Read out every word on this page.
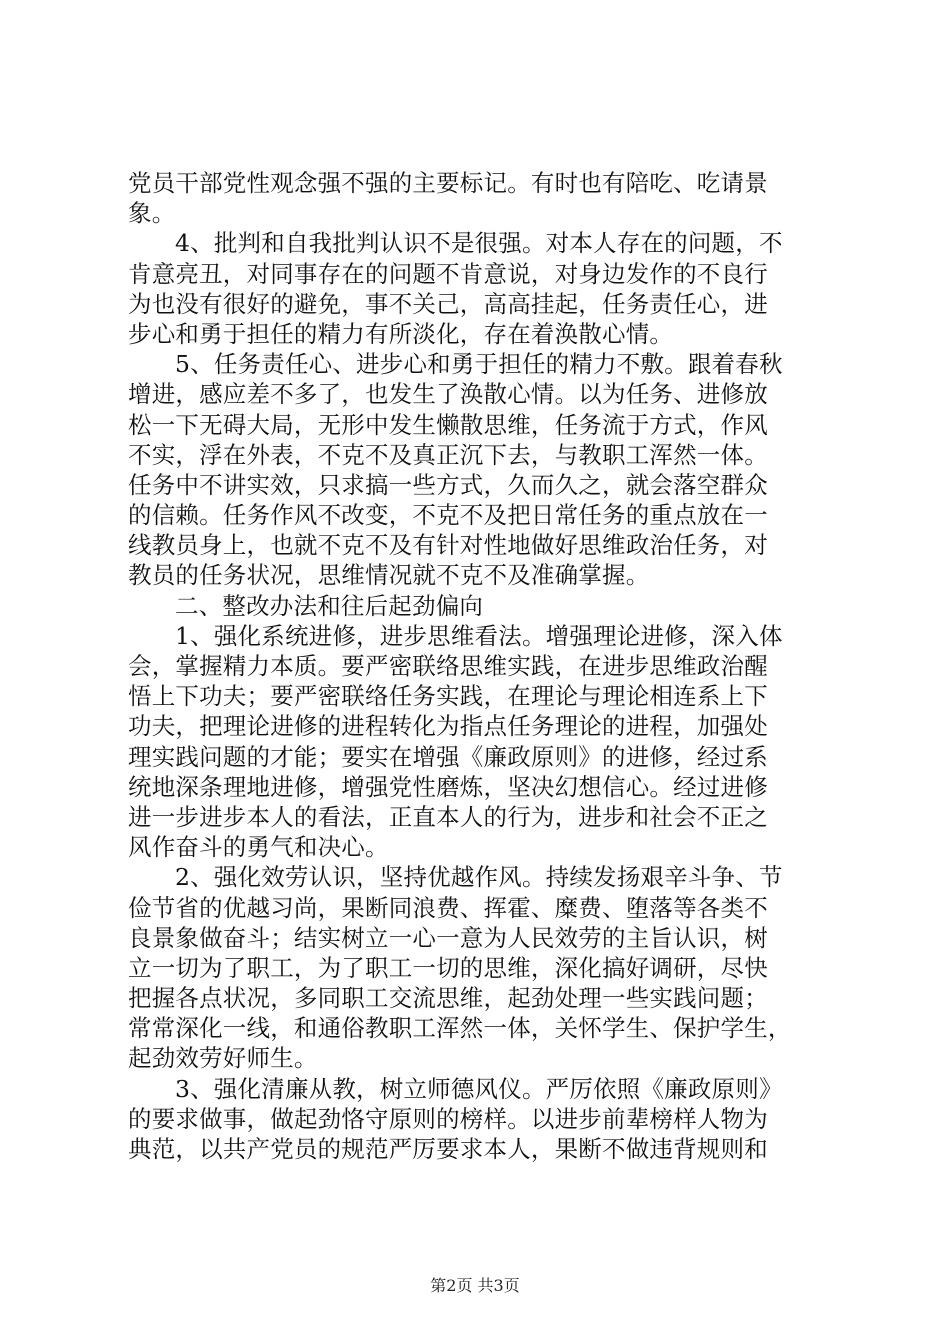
党员干部党性观念强不强的主要标记。有时也有陪吃、吃请景
象。
4、批判和自我批判认识不是很强。对本人存在的问题，不
肯意亮丑，对同事存在的问题不肯意说，对身边发作的不良行
为也没有很好的避免，事不关己，高高挂起，任务责任心，进
步心和勇于担任的精力有所淡化，存在着涣散心情。
5、任务责任心、进步心和勇于担任的精力不敷。跟着春秋
增进，感应差不多了，也发生了涣散心情。以为任务、进修放
松一下无碍大局，无形中发生懒散思维，任务流于方式，作风
不实，浮在外表，不克不及真正沉下去，与教职工浑然一体。
任务中不讲实效，只求搞一些方式，久而久之，就会落空群众
的信赖。任务作风不改变，不克不及把日常任务的重点放在一
线教员身上，也就不克不及有针对性地做好思维政治任务，对
教员的任务状况，思维情况就不克不及准确掌握。
二、整改办法和往后起劲偏向
1、强化系统进修，进步思维看法。增强理论进修，深入体
会，掌握精力本质。要严密联络思维实践，在进步思维政治醒
悟上下功夫；要严密联络任务实践，在理论与理论相连系上下
功夫，把理论进修的进程转化为指点任务理论的进程，加强处
理实践问题的才能；要实在增强《廉政原则》的进修，经过系
统地深条理地进修，增强党性磨炼，坚决幻想信心。经过进修
进一步进步本人的看法，正直本人的行为，进步和社会不正之
风作奋斗的勇气和决心。
2、强化效劳认识，坚持优越作风。持续发扬艰辛斗争、节
俭节省的优越习尚，果断同浪费、挥霍、糜费、堕落等各类不
良景象做奋斗；结实树立一心一意为人民效劳的主旨认识，树
立一切为了职工，为了职工一切的思维，深化搞好调研，尽快
把握各点状况，多同职工交流思维，起劲处理一些实践问题；
常常深化一线，和通俗教职工浑然一体，关怀学生、保护学生，
起劲效劳好师生。
3、强化清廉从教，树立师德风仪。严厉依照《廉政原则》
的要求做事，做起劲恪守原则的榜样。以进步前辈榜样人物为
典范，以共产党员的规范严厉要求本人，果断不做违背规则和
第2页 共3页
